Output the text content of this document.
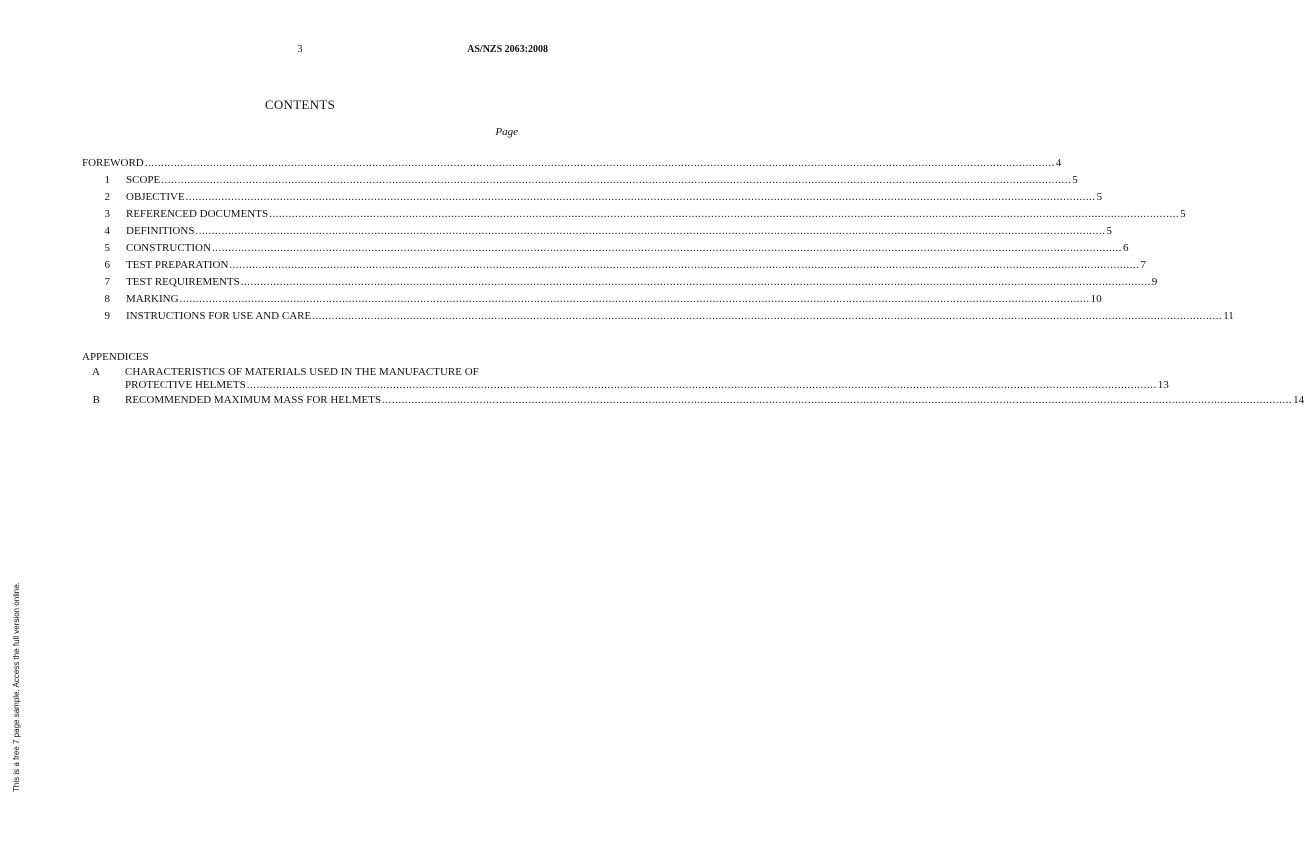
3	AS/NZS 2063:2008
CONTENTS
Page
FOREWORD .....	4
1	SCOPE .....	5
2	OBJECTIVE .....	5
3	REFERENCED DOCUMENTS .....	5
4	DEFINITIONS .....	5
5	CONSTRUCTION .....	6
6	TEST PREPARATION .....	7
7	TEST REQUIREMENTS .....	9
8	MARKING .....	10
9	INSTRUCTIONS FOR USE AND CARE .....	11
APPENDICES
A	CHARACTERISTICS OF MATERIALS USED IN THE MANUFACTURE OF
PROTECTIVE HELMETS .....	13
B	RECOMMENDED MAXIMUM MASS FOR HELMETS .....	14
This is a free 7 page sample. Access the full version online.
